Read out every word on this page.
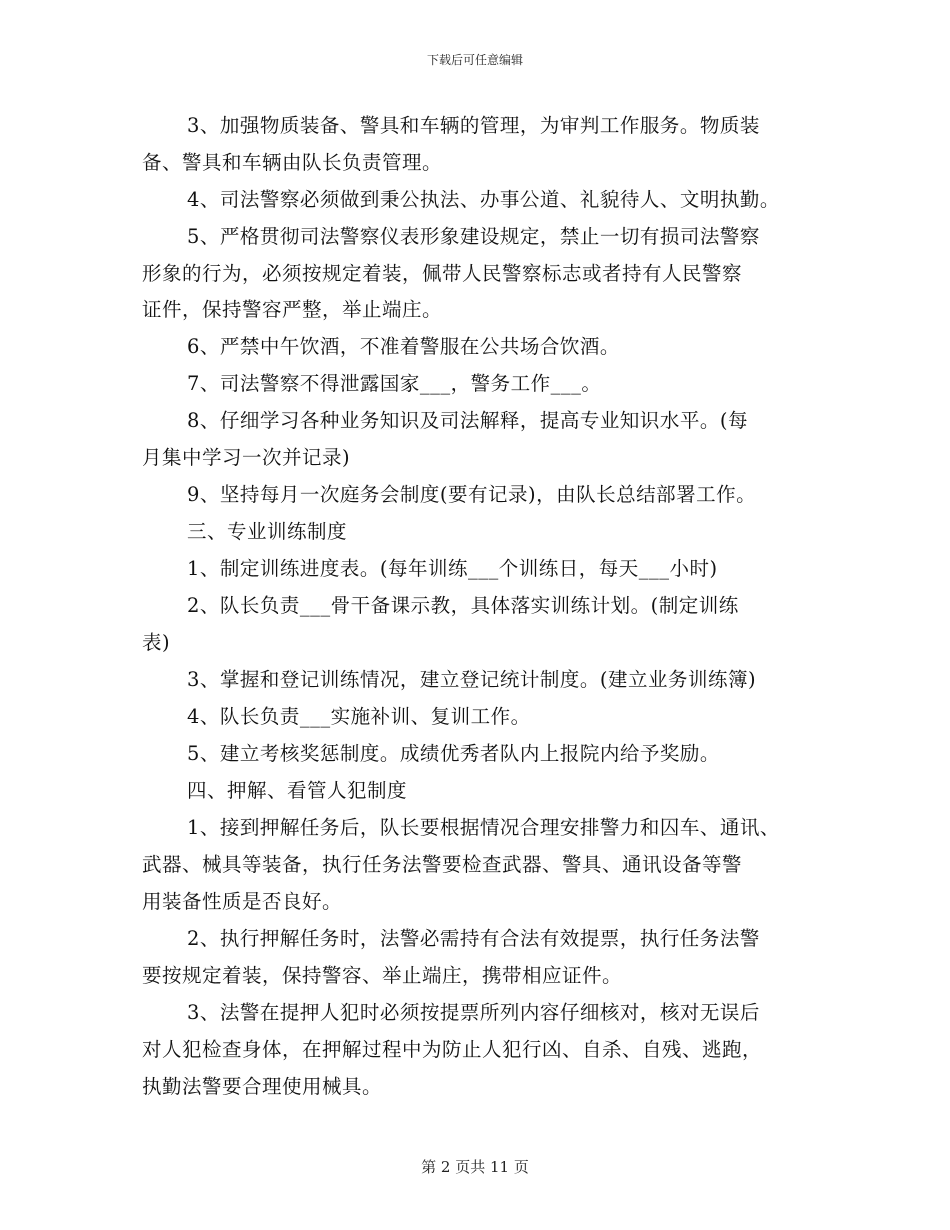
下载后可任意编辑
3、加强物质装备、警具和车辆的管理，为审判工作服务。物质装
备、警具和车辆由队长负责管理。
4、司法警察必须做到秉公执法、办事公道、礼貌待人、文明执勤。
5、严格贯彻司法警察仪表形象建设规定，禁止一切有损司法警察
形象的行为，必须按规定着装，佩带人民警察标志或者持有人民警察
证件，保持警容严整，举止端庄。
6、严禁中午饮酒，不准着警服在公共场合饮酒。
7、司法警察不得泄露国家___，警务工作___。
8、仔细学习各种业务知识及司法解释，提高专业知识水平。(每
月集中学习一次并记录)
9、坚持每月一次庭务会制度(要有记录)，由队长总结部署工作。
三、专业训练制度
1、制定训练进度表。(每年训练___个训练日，每天___小时)
2、队长负责___骨干备课示教，具体落实训练计划。(制定训练
表)
3、掌握和登记训练情况，建立登记统计制度。(建立业务训练簿)
4、队长负责___实施补训、复训工作。
5、建立考核奖惩制度。成绩优秀者队内上报院内给予奖励。
四、押解、看管人犯制度
1、接到押解任务后，队长要根据情况合理安排警力和囚车、通讯、
武器、械具等装备，执行任务法警要检查武器、警具、通讯设备等警
用装备性质是否良好。
2、执行押解任务时，法警必需持有合法有效提票，执行任务法警
要按规定着装，保持警容、举止端庄，携带相应证件。
3、法警在提押人犯时必须按提票所列内容仔细核对，核对无误后
对人犯检查身体，在押解过程中为防止人犯行凶、自杀、自残、逃跑，
执勤法警要合理使用械具。
第 2 页共 11 页
